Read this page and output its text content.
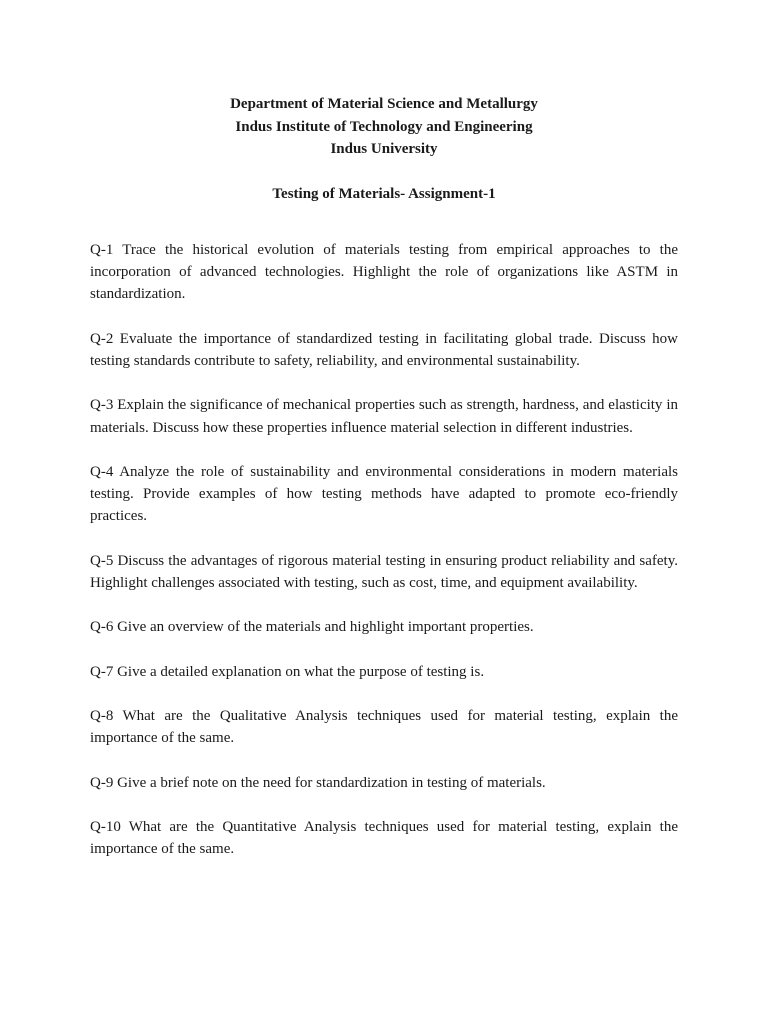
Department of Material Science and Metallurgy
Indus Institute of Technology and Engineering
Indus University
Testing of Materials- Assignment-1

Q-1 Trace the historical evolution of materials testing from empirical approaches to the incorporation of advanced technologies. Highlight the role of organizations like ASTM in standardization.

Q-2 Evaluate the importance of standardized testing in facilitating global trade. Discuss how testing standards contribute to safety, reliability, and environmental sustainability.

Q-3 Explain the significance of mechanical properties such as strength, hardness, and elasticity in materials. Discuss how these properties influence material selection in different industries.

Q-4 Analyze the role of sustainability and environmental considerations in modern materials testing. Provide examples of how testing methods have adapted to promote eco-friendly practices.

Q-5 Discuss the advantages of rigorous material testing in ensuring product reliability and safety. Highlight challenges associated with testing, such as cost, time, and equipment availability.

Q-6 Give an overview of the materials and highlight important properties.

Q-7 Give a detailed explanation on what the purpose of testing is.

Q-8 What are the Qualitative Analysis techniques used for material testing, explain the importance of the same.

Q-9 Give a brief note on the need for standardization in testing of materials.

Q-10 What are the Quantitative Analysis techniques used for material testing, explain the importance of the same.
